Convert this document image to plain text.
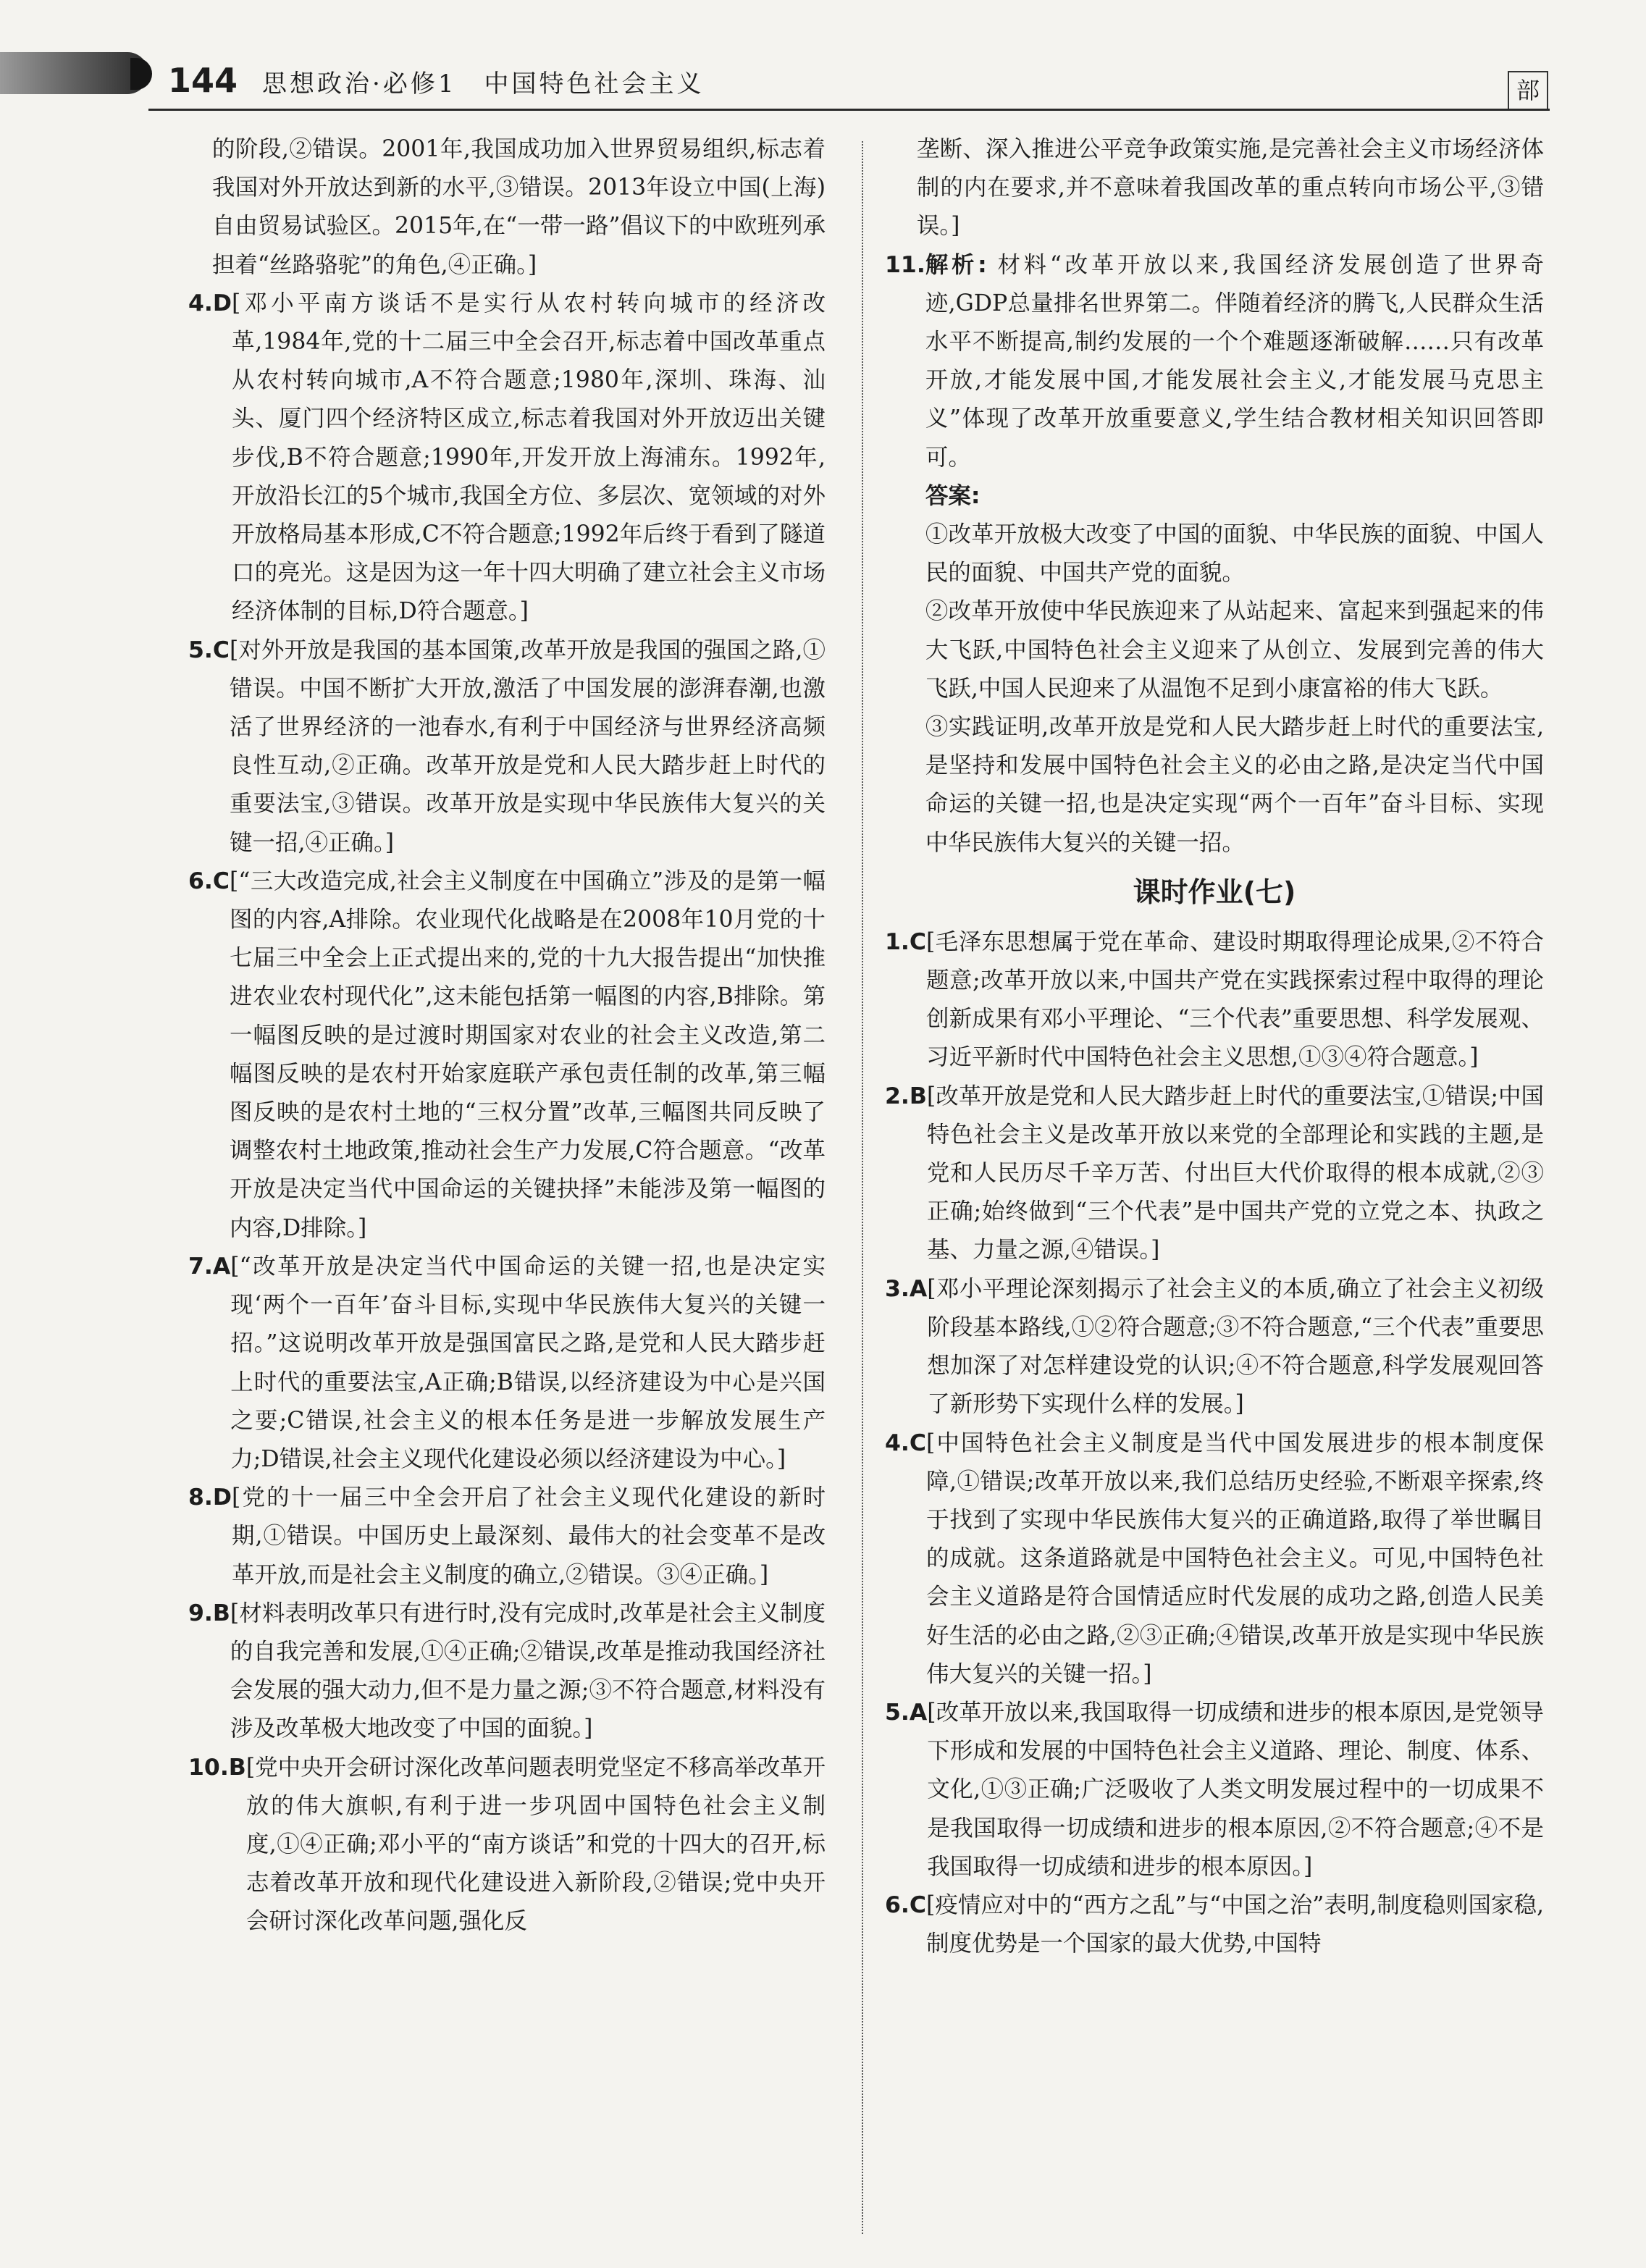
144 思想政治·必修1　中国特色社会主义	部

的阶段,②错误。2001年,我国成功加入世界贸易组织,标志着我国对外开放达到新的水平,③错误。2013年设立中国(上海)自由贸易试验区。2015年,在“一带一路”倡议下的中欧班列承担着“丝路骆驼”的角色,④正确。]
4.D [邓小平南方谈话不是实行从农村转向城市的经济改革,1984年,党的十二届三中全会召开,标志着中国改革重点从农村转向城市,A不符合题意;1980年,深圳、珠海、汕头、厦门四个经济特区成立,标志着我国对外开放迈出关键步伐,B不符合题意;1990年,开发开放上海浦东。1992年,开放沿长江的5个城市,我国全方位、多层次、宽领域的对外开放格局基本形成,C不符合题意;1992年后终于看到了隧道口的亮光。这是因为这一年十四大明确了建立社会主义市场经济体制的目标,D符合题意。]
5.C [对外开放是我国的基本国策,改革开放是我国的强国之路,①错误。中国不断扩大开放,激活了中国发展的澎湃春潮,也激活了世界经济的一池春水,有利于中国经济与世界经济高频良性互动,②正确。改革开放是党和人民大踏步赶上时代的重要法宝,③错误。改革开放是实现中华民族伟大复兴的关键一招,④正确。]
6.C [“三大改造完成,社会主义制度在中国确立”涉及的是第一幅图的内容,A排除。农业现代化战略是在2008年10月党的十七届三中全会上正式提出来的,党的十九大报告提出“加快推进农业农村现代化”,这未能包括第一幅图的内容,B排除。第一幅图反映的是过渡时期国家对农业的社会主义改造,第二幅图反映的是农村开始家庭联产承包责任制的改革,第三幅图反映的是农村土地的“三权分置”改革,三幅图共同反映了调整农村土地政策,推动社会生产力发展,C符合题意。“改革开放是决定当代中国命运的关键抉择”未能涉及第一幅图的内容,D排除。]
7.A [“改革开放是决定当代中国命运的关键一招,也是决定实现‘两个一百年’奋斗目标,实现中华民族伟大复兴的关键一招。”这说明改革开放是强国富民之路,是党和人民大踏步赶上时代的重要法宝,A正确;B错误,以经济建设为中心是兴国之要;C错误,社会主义的根本任务是进一步解放发展生产力;D错误,社会主义现代化建设必须以经济建设为中心。]
8.D [党的十一届三中全会开启了社会主义现代化建设的新时期,①错误。中国历史上最深刻、最伟大的社会变革不是改革开放,而是社会主义制度的确立,②错误。③④正确。]
9.B [材料表明改革只有进行时,没有完成时,改革是社会主义制度的自我完善和发展,①④正确;②错误,改革是推动我国经济社会发展的强大动力,但不是力量之源;③不符合题意,材料没有涉及改革极大地改变了中国的面貌。]
10.B [党中央开会研讨深化改革问题表明党坚定不移高举改革开放的伟大旗帜,有利于进一步巩固中国特色社会主义制度,①④正确;邓小平的“南方谈话”和党的十四大的召开,标志着改革开放和现代化建设进入新阶段,②错误;党中央开会研讨深化改革问题,强化反

垄断、深入推进公平竞争政策实施,是完善社会主义市场经济体制的内在要求,并不意味着我国改革的重点转向市场公平,③错误。]
11. 解析: 材料“改革开放以来,我国经济发展创造了世界奇迹,GDP总量排名世界第二。伴随着经济的腾飞,人民群众生活水平不断提高,制约发展的一个个难题逐渐破解……只有改革开放,才能发展中国,才能发展社会主义,才能发展马克思主义”体现了改革开放重要意义,学生结合教材相关知识回答即可。
答案:
①改革开放极大改变了中国的面貌、中华民族的面貌、中国人民的面貌、中国共产党的面貌。
②改革开放使中华民族迎来了从站起来、富起来到强起来的伟大飞跃,中国特色社会主义迎来了从创立、发展到完善的伟大飞跃,中国人民迎来了从温饱不足到小康富裕的伟大飞跃。
③实践证明,改革开放是党和人民大踏步赶上时代的重要法宝,是坚持和发展中国特色社会主义的必由之路,是决定当代中国命运的关键一招,也是决定实现“两个一百年”奋斗目标、实现中华民族伟大复兴的关键一招。
课时作业(七)
1.C [毛泽东思想属于党在革命、建设时期取得理论成果,②不符合题意;改革开放以来,中国共产党在实践探索过程中取得的理论创新成果有邓小平理论、“三个代表”重要思想、科学发展观、习近平新时代中国特色社会主义思想,①③④符合题意。]
2.B [改革开放是党和人民大踏步赶上时代的重要法宝,①错误;中国特色社会主义是改革开放以来党的全部理论和实践的主题,是党和人民历尽千辛万苦、付出巨大代价取得的根本成就,②③正确;始终做到“三个代表”是中国共产党的立党之本、执政之基、力量之源,④错误。]
3.A [邓小平理论深刻揭示了社会主义的本质,确立了社会主义初级阶段基本路线,①②符合题意;③不符合题意,“三个代表”重要思想加深了对怎样建设党的认识;④不符合题意,科学发展观回答了新形势下实现什么样的发展。]
4.C [中国特色社会主义制度是当代中国发展进步的根本制度保障,①错误;改革开放以来,我们总结历史经验,不断艰辛探索,终于找到了实现中华民族伟大复兴的正确道路,取得了举世瞩目的成就。这条道路就是中国特色社会主义。可见,中国特色社会主义道路是符合国情适应时代发展的成功之路,创造人民美好生活的必由之路,②③正确;④错误,改革开放是实现中华民族伟大复兴的关键一招。]
5.A [改革开放以来,我国取得一切成绩和进步的根本原因,是党领导下形成和发展的中国特色社会主义道路、理论、制度、体系、文化,①③正确;广泛吸收了人类文明发展过程中的一切成果不是我国取得一切成绩和进步的根本原因,②不符合题意;④不是我国取得一切成绩和进步的根本原因。]
6.C [疫情应对中的“西方之乱”与“中国之治”表明,制度稳则国家稳,制度优势是一个国家的最大优势,中国特
